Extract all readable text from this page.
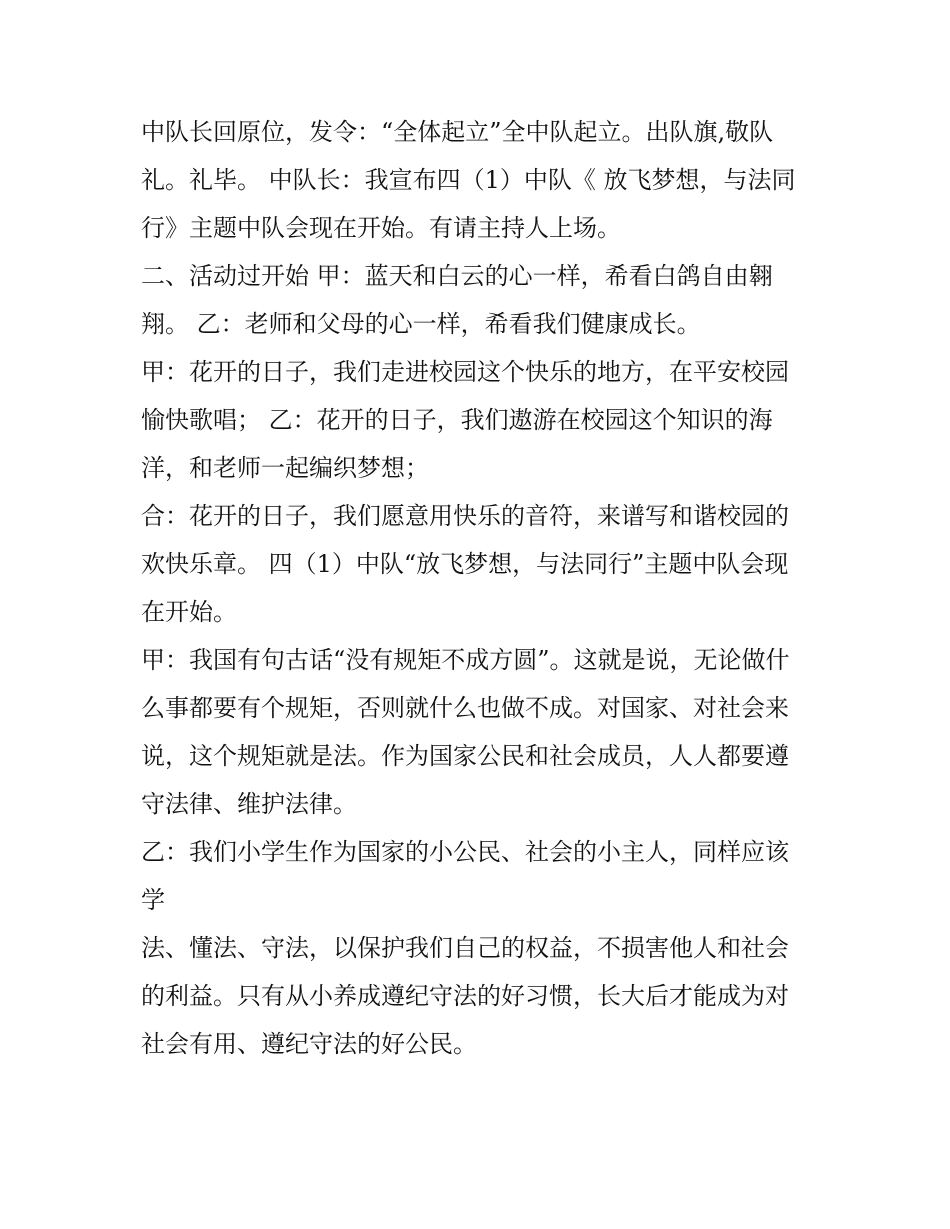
中队长回原位，发令：“全体起立”全中队起立。出队旗,敬队
礼。礼毕。 中队长：我宣布四（1）中队《 放飞梦想，与法同
行》主题中队会现在开始。有请主持人上场。
二、活动过开始 甲：蓝天和白云的心一样，希看白鸽自由翱
翔。 乙：老师和父母的心一样，希看我们健康成长。
甲：花开的日子，我们走进校园这个快乐的地方，在平安校园
愉快歌唱； 乙：花开的日子，我们遨游在校园这个知识的海
洋，和老师一起编织梦想；
合：花开的日子，我们愿意用快乐的音符，来谱写和谐校园的
欢快乐章。 四（1）中队“放飞梦想，与法同行”主题中队会现
在开始。
甲：我国有句古话“没有规矩不成方圆”。这就是说，无论做什
么事都要有个规矩，否则就什么也做不成。对国家、对社会来
说，这个规矩就是法。作为国家公民和社会成员，人人都要遵
守法律、维护法律。
乙：我们小学生作为国家的小公民、社会的小主人，同样应该
学
法、懂法、守法，以保护我们自己的权益，不损害他人和社会
的利益。只有从小养成遵纪守法的好习惯，长大后才能成为对
社会有用、遵纪守法的好公民。
